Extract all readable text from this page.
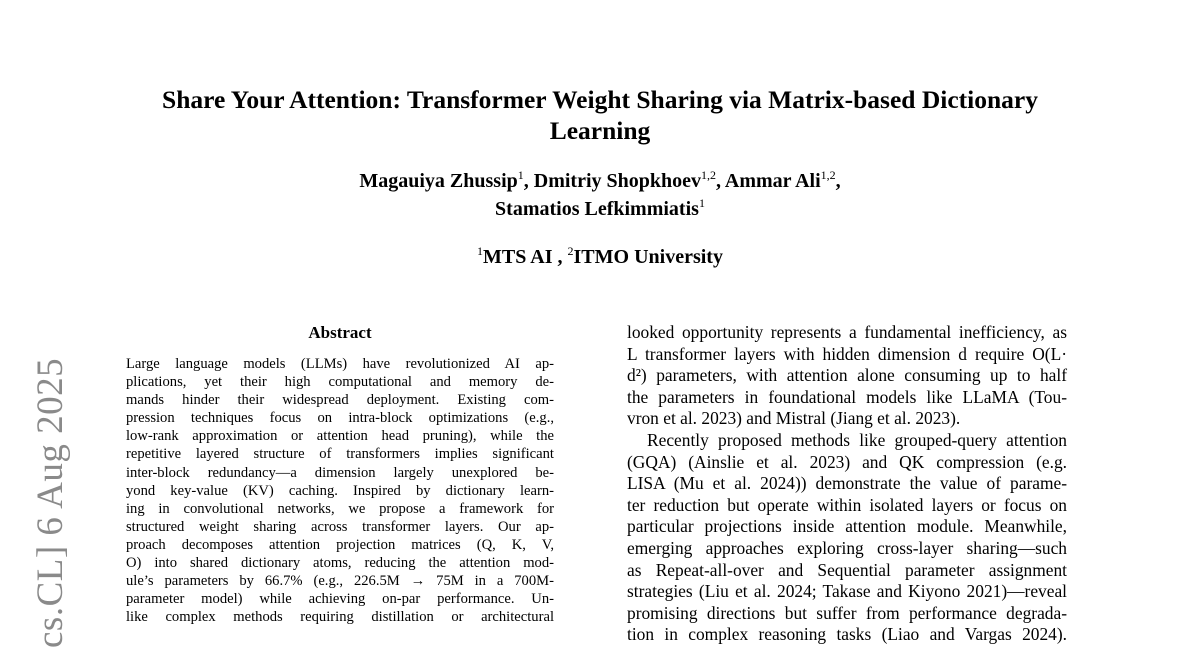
Share Your Attention: Transformer Weight Sharing via Matrix-based Dictionary
Learning
Magauiya Zhussip$^1$, Dmitriy Shopkhoev$^{1,2}$, Ammar Ali$^{1,2}$,
Stamatios Lefkimmiatis$^1$
$^1$MTS AI , $^2$ITMO University
cs.CL] 6 Aug 2025
Abstract
Large language models (LLMs) have revolutionized AI ap-
plications, yet their high computational and memory de-
mands hinder their widespread deployment. Existing com-
pression techniques focus on intra-block optimizations (e.g.,
low-rank approximation or attention head pruning), while the
repetitive layered structure of transformers implies significant
inter-block redundancy—a dimension largely unexplored be-
yond key-value (KV) caching. Inspired by dictionary learn-
ing in convolutional networks, we propose a framework for
structured weight sharing across transformer layers. Our ap-
proach decomposes attention projection matrices (Q, K, V,
O) into shared dictionary atoms, reducing the attention mod-
ule’s parameters by 66.7% (e.g., 226.5M → 75M in a 700M-
parameter model) while achieving on-par performance. Un-
like complex methods requiring distillation or architectural

looked opportunity represents a fundamental inefficiency, as
L transformer layers with hidden dimension d require O(L·
d²) parameters, with attention alone consuming up to half
the parameters in foundational models like LLaMA (Tou-
vron et al. 2023) and Mistral (Jiang et al. 2023).

Recently proposed methods like grouped-query attention
(GQA) (Ainslie et al. 2023) and QK compression (e.g.
LISA (Mu et al. 2024)) demonstrate the value of parame-
ter reduction but operate within isolated layers or focus on
particular projections inside attention module. Meanwhile,
emerging approaches exploring cross-layer sharing—such
as Repeat-all-over and Sequential parameter assignment
strategies (Liu et al. 2024; Takase and Kiyono 2021)—reveal
promising directions but suffer from performance degrada-
tion in complex reasoning tasks (Liao and Vargas 2024).
